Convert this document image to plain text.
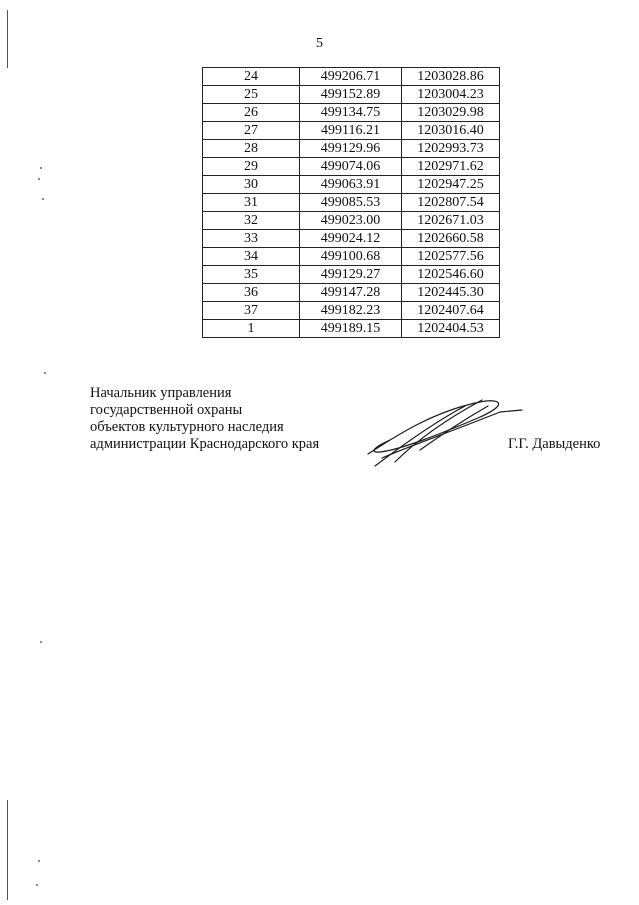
5
24	499206.71	1203028.86
25	499152.89	1203004.23
26	499134.75	1203029.98
27	499116.21	1203016.40
28	499129.96	1202993.73
29	499074.06	1202971.62
30	499063.91	1202947.25
31	499085.53	1202807.54
32	499023.00	1202671.03
33	499024.12	1202660.58
34	499100.68	1202577.56
35	499129.27	1202546.60
36	499147.28	1202445.30
37	499182.23	1202407.64
1	499189.15	1202404.53
Начальник управления
государственной охраны
объектов культурного наследия
администрации Краснодарского края	Г.Г. Давыденко
